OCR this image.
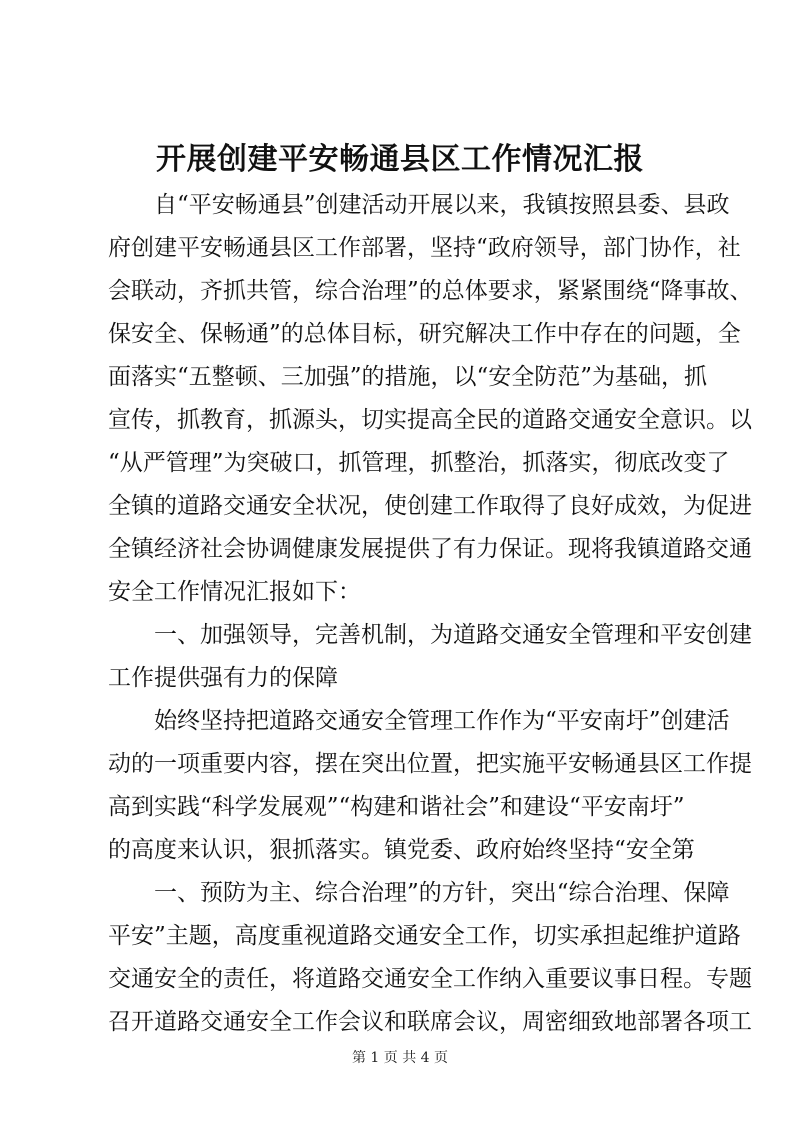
开展创建平安畅通县区工作情况汇报
自“平安畅通县”创建活动开展以来，我镇按照县委、县政
府创建平安畅通县区工作部署，坚持“政府领导，部门协作，社
会联动，齐抓共管，综合治理”的总体要求，紧紧围绕“降事故、
保安全、保畅通”的总体目标，研究解决工作中存在的问题，全
面落实“五整顿、三加强”的措施，以“安全防范”为基础，抓
宣传，抓教育，抓源头，切实提高全民的道路交通安全意识。以
“从严管理”为突破口，抓管理，抓整治，抓落实，彻底改变了
全镇的道路交通安全状况，使创建工作取得了良好成效，为促进
全镇经济社会协调健康发展提供了有力保证。现将我镇道路交通
安全工作情况汇报如下：
一、加强领导，完善机制，为道路交通安全管理和平安创建
工作提供强有力的保障
始终坚持把道路交通安全管理工作作为“平安南圩”创建活
动的一项重要内容，摆在突出位置，把实施平安畅通县区工作提
高到实践“科学发展观”“构建和谐社会”和建设“平安南圩”
的高度来认识，狠抓落实。镇党委、政府始终坚持“安全第
一、预防为主、综合治理”的方针，突出“综合治理、保障
平安”主题，高度重视道路交通安全工作，切实承担起维护道路
交通安全的责任，将道路交通安全工作纳入重要议事日程。专题
召开道路交通安全工作会议和联席会议，周密细致地部署各项工
第 1 页 共 4 页
